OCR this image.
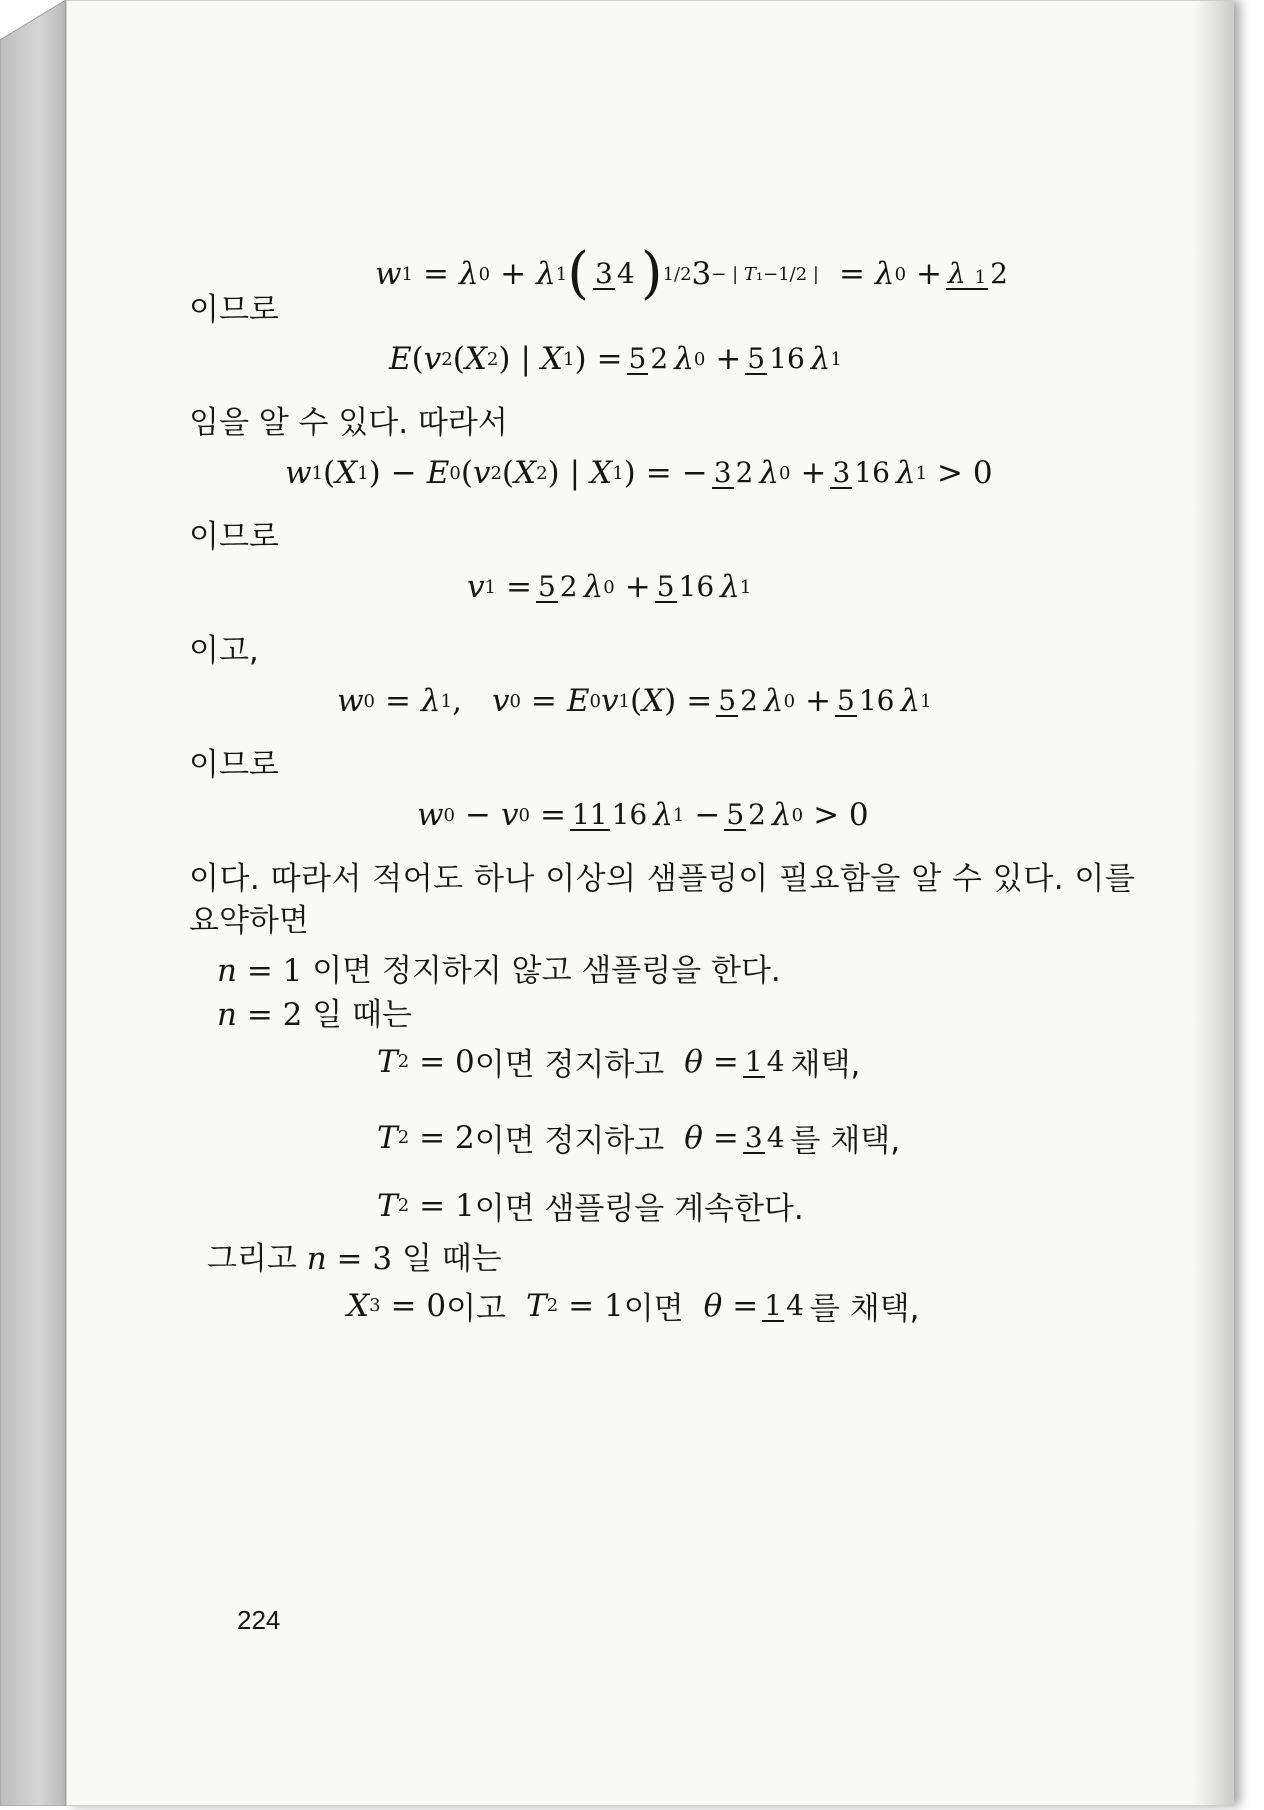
w 1 = λ 0 + λ 1 ( 3 4 ) 1/2 3 − | T₁−1/2 | = λ 0 + λ 1 2
이므로
E ( v 2 ( X 2 ) | X 1 ) = 5 2 λ 0 + 5 16 λ 1
임을 알 수 있다. 따라서
w 1 ( X 1 ) − E 0 ( v 2 ( X 2 ) | X 1 ) = − 3 2 λ 0 + 3 16 λ 1 > 0
이므로
v 1 = 5 2 λ 0 + 5 16 λ 1
이고,
w 0 = λ 1 , v 0 = E 0 v 1 ( X ) = 5 2 λ 0 + 5 16 λ 1
이므로
w 0 − v 0 = 11 16 λ 1 − 5 2 λ 0 > 0
이다. 따라서 적어도 하나 이상의 샘플링이 필요함을 알 수 있다. 이를
요약하면
n = 1 이면 정지하지 않고 샘플링을 한다.
n = 2 일 때는
T 2 = 0 이면 정지하고 θ = 1 4 채택,
T 2 = 2 이면 정지하고 θ = 3 4 를 채택,
T 2 = 1 이면 샘플링을 계속한다.
그리고 n = 3 일 때는
X 3 = 0 이고 T 2 = 1 이면 θ = 1 4 를 채택,
224
